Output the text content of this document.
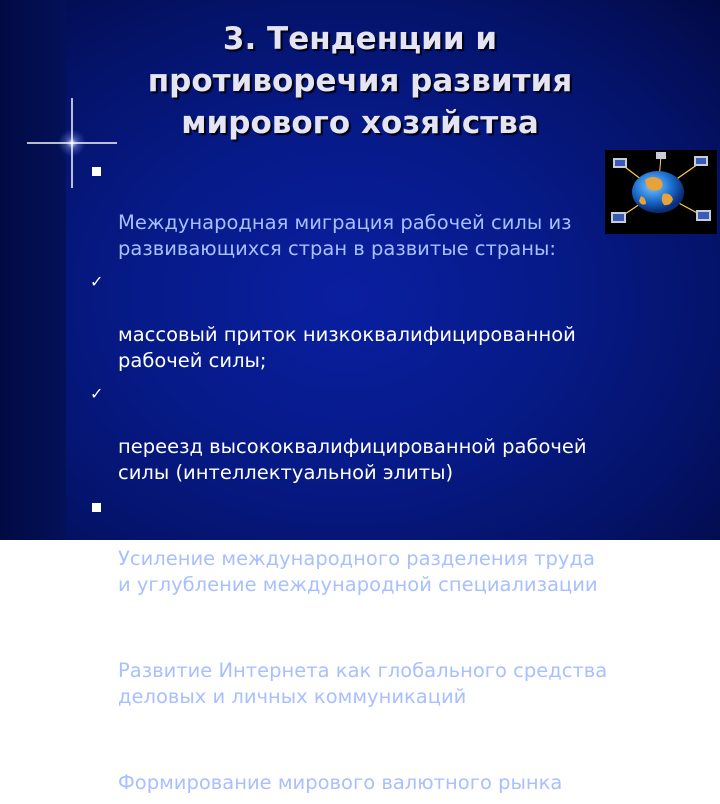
3. Тенденции и
противоречия развития
мирового хозяйства

Международная миграция рабочей силы из
развивающихся стран в развитые страны:

✓

массовый приток низкоквалифицированной
рабочей силы;

✓

переезд высококвалифицированной рабочей
силы (интеллектуальной элиты)

Усиление международного разделения труда
и углубление международной специализации

Развитие Интернета как глобального средства
деловых и личных коммуникаций

Формирование мирового валютного рынка
